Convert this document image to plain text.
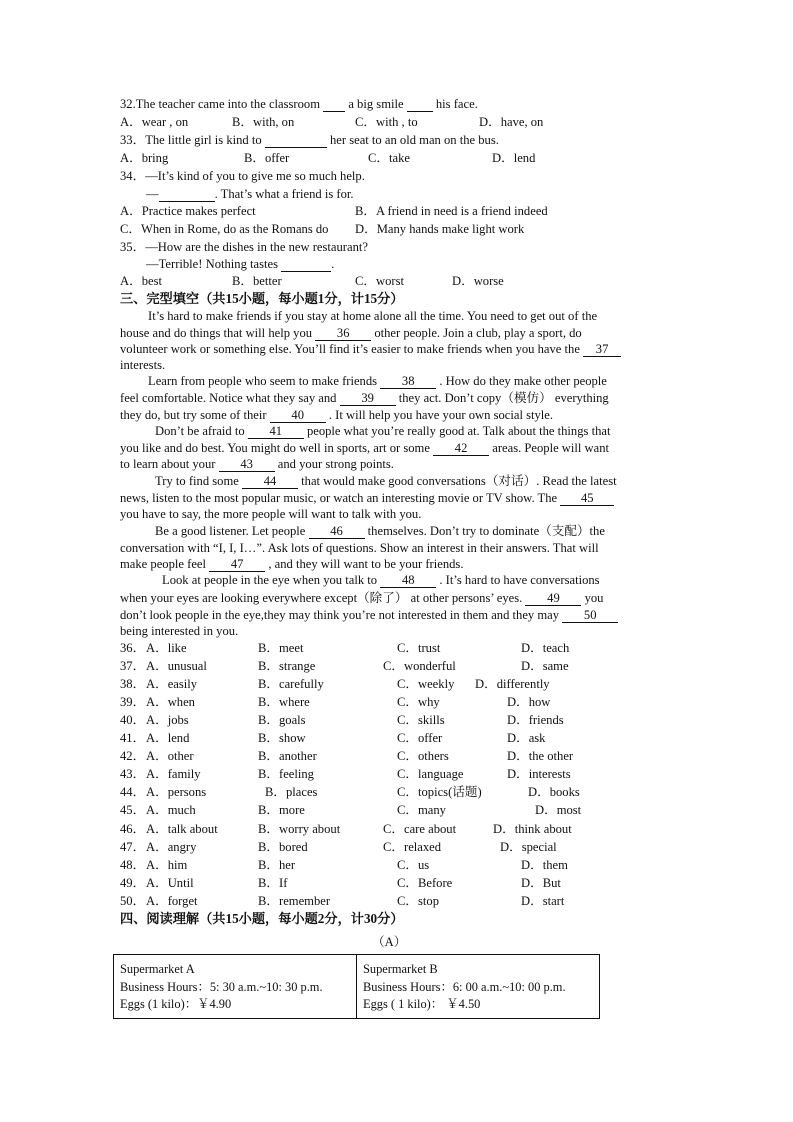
32.The teacher came into the classroom   a big smile   his face.
A．wear , on	B．with, on	C．with , to	D．have, on
33．The little girl is kind to	her seat to an old man on the bus.
A．bring	B．offer	C．take	D．lend
34．—It’s kind of you to give me so much help.
—	. That’s what a friend is for.
A．Practice makes perfect	B．A friend in need is a friend indeed
C．When in Rome, do as the Romans do D．Many hands make light work
35．—How are the dishes in the new restaurant?
—Terrible! Nothing tastes	.
A．best	B．better	C．worst	D．worse
三、完型填空（共15小题，每小题1分，计15分）
It’s hard to make friends if you stay at home alone all the time. You need to get out of the
house and do things that will help you 36 other people. Join a club, play a sport, do
volunteer work or something else. You’ll find it’s easier to make friends when you have the 37
interests.
Learn from people who seem to make friends 38 . How do they make other people
feel comfortable. Notice what they say and 39 they act. Don’t copy（模仿） everything
they do, but try some of their 40 . It will help you have your own social style.
Don’t be afraid to 41 people what you’re really good at. Talk about the things that
you like and do best. You might do well in sports, art or some 42 areas. People will want
to learn about your 43 and your strong points.
Try to find some 44 that would make good conversations（对话）. Read the latest
news, listen to the most popular music, or watch an interesting movie or TV show. The 45
you have to say, the more people will want to talk with you.
Be a good listener. Let people 46 themselves. Don’t try to dominate（支配）the
conversation with “I, I, I…”. Ask lots of questions. Show an interest in their answers. That will
make people feel 47 , and they will want to be your friends.
Look at people in the eye when you talk to 48 . It’s hard to have conversations
when your eyes are looking everywhere except（除了） at other persons’ eyes. 49 you
don’t look people in the eye,they may think you’re not interested in them and they may 50
being interested in you.
36． A．like	B．meet	C．trust	D．teach
37． A．unusual	B．strange	C．wonderful	D．same
38． A．easily	B．carefully	C．weekly D．differently
39． A．when	B．where	C．why	D．how
40． A．jobs	B．goals	C．skills	D．friends
41． A．lend	B．show	C．offer	D．ask
42． A．other	B．another	C．others	D．the other
43． A．family	B．feeling	C．language	D．interests
44． A．persons	B．places	C．topics(话题)	D．books
45． A．much	B．more	C．many	D．most
46． A．talk about	B．worry about	C．care about	D．think about
47． A．angry	B．bored	C．relaxed	D．special
48． A．him	B．her	C．us	D．them
49． A．Until	B．If	C．Before	D．But
50． A．forget	B．remember	C．stop	D．start
四、阅读理解（共15小题，每小题2分，计30分）
（A）
Supermarket A
Business Hours：5: 30 a.m.~10: 30 p.m.
Eggs (1 kilo)：￥4.90

Supermarket B
Business Hours：6: 00 a.m.~10: 00 p.m.
Eggs ( 1 kilo)： ￥4.50
